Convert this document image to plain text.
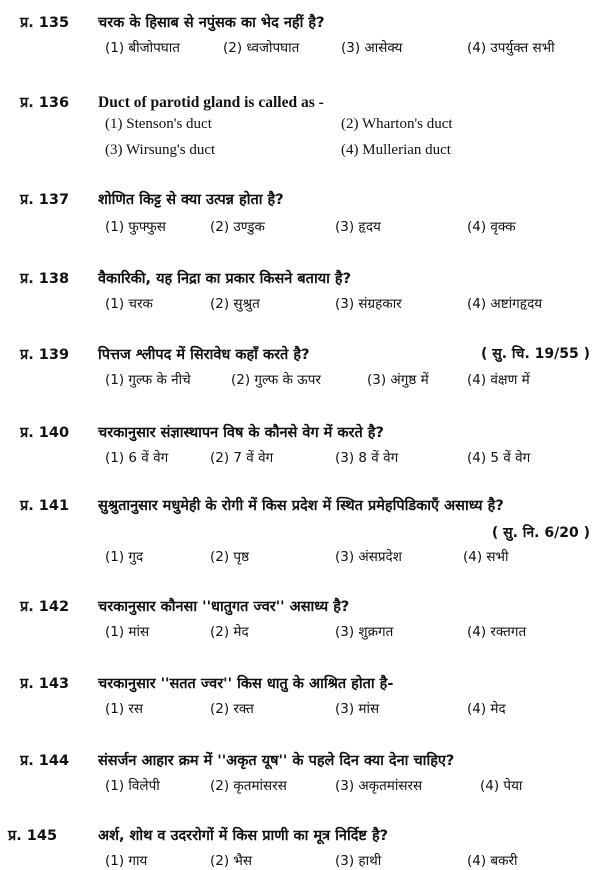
प्र. 135 चरक के हिसाब से नपुंसक का भेद नहीं है?
(1) बीजोपघात	(2) ध्वजोपघात	(3) आसेक्य	(4) उपर्युक्त सभी
प्र. 136 Duct of parotid gland is called as -
(1) Stenson's duct	(2) Wharton's duct
(3) Wirsung's duct	(4) Mullerian duct
प्र. 137 शोणित किट्ट से क्या उत्पन्न होता है?
(1) फुफ्फुस	(2) उण्डुक	(3) हृदय	(4) वृक्क
प्र. 138 वैकारिकी, यह निद्रा का प्रकार किसने बताया है?
(1) चरक	(2) सुश्रुत	(3) संग्रहकार	(4) अष्टांगहृदय
प्र. 139 पित्तज श्लीपद में सिरावेध कहाँ करते है?	( सु. चि. 19/55 )
(1) गुल्फ के नीचे	(2) गुल्फ के ऊपर	(3) अंगुष्ठ में	(4) वंक्षण में
प्र. 140 चरकानुसार संज्ञास्थापन विष के कौनसे वेग में करते है?
(1) 6 वें वेग	(2) 7 वें वेग	(3) 8 वें वेग	(4) 5 वें वेग
प्र. 141 सुश्रुतानुसार मधुमेही के रोगी में किस प्रदेश में स्थित प्रमेहपिडिकाएँ असाध्य है?
( सु. नि. 6/20 )
(1) गुद	(2) पृष्ठ	(3) अंसप्रदेश	(4) सभी
प्र. 142 चरकानुसार कौनसा ''धातुगत ज्वर'' असाध्य है?
(1) मांस	(2) मेद	(3) शुक्रगत	(4) रक्तगत
प्र. 143 चरकानुसार ''सतत ज्वर'' किस धातु के आश्रित होता है-
(1) रस	(2) रक्त	(3) मांस	(4) मेद
प्र. 144 संसर्जन आहार क्रम में ''अकृत यूष'' के पहले दिन क्या देना चाहिए?
(1) विलेपी	(2) कृतमांसरस	(3) अकृतमांसरस	(4) पेया
प्र. 145	अर्श, शोथ व उदररोगों में किस प्राणी का मूत्र निर्दिष्ट है?
(1) गाय	(2) भैस	(3) हाथी	(4) बकरी
